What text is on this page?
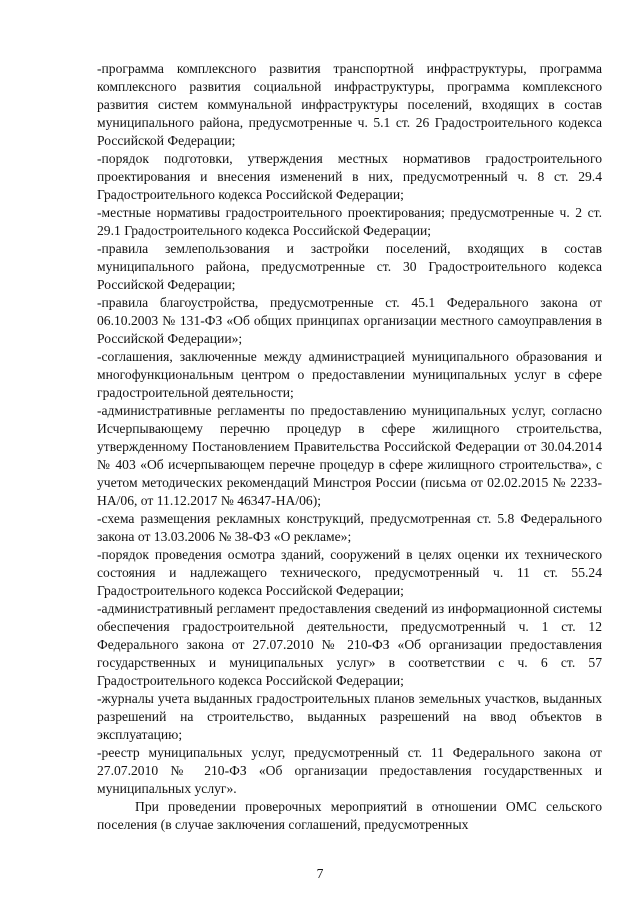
-программа комплексного развития транспортной инфраструктуры, программа комплексного развития социальной инфраструктуры, программа комплексного развития систем коммунальной инфраструктуры поселений, входящих в состав муниципального района, предусмотренные ч. 5.1 ст. 26 Градостроительного кодекса Российской Федерации;

-порядок подготовки, утверждения местных нормативов градостроительного проектирования и внесения изменений в них, предусмотренный ч. 8 ст. 29.4 Градостроительного кодекса Российской Федерации;

-местные нормативы градостроительного проектирования; предусмотренные ч. 2 ст. 29.1 Градостроительного кодекса Российской Федерации;

-правила землепользования и застройки поселений, входящих в состав муниципального района, предусмотренные ст. 30 Градостроительного кодекса Российской Федерации;

-правила благоустройства, предусмотренные ст. 45.1 Федерального закона от 06.10.2003 № 131-ФЗ «Об общих принципах организации местного самоуправления в Российской Федерации»;

-соглашения, заключенные между администрацией муниципального образования и многофункциональным центром о предоставлении муниципальных услуг в сфере градостроительной деятельности;

-административные регламенты по предоставлению муниципальных услуг, согласно Исчерпывающему перечню процедур в сфере жилищного строительства, утвержденному Постановлением Правительства Российской Федерации от 30.04.2014 № 403 «Об исчерпывающем перечне процедур в сфере жилищного строительства», с учетом методических рекомендаций Минстроя России (письма от 02.02.2015 № 2233-НА/06, от 11.12.2017 № 46347-НА/06);

-схема размещения рекламных конструкций, предусмотренная ст. 5.8 Федерального закона от 13.03.2006 № 38-ФЗ «О рекламе»;

-порядок проведения осмотра зданий, сооружений в целях оценки их технического состояния и надлежащего технического, предусмотренный ч. 11 ст. 55.24 Градостроительного кодекса Российской Федерации;

-административный регламент предоставления сведений из информационной системы обеспечения градостроительной деятельности, предусмотренный ч. 1 ст. 12 Федерального закона от 27.07.2010 № 210-ФЗ «Об организации предоставления государственных и муниципальных услуг» в соответствии с ч. 6 ст. 57 Градостроительного кодекса Российской Федерации;

-журналы учета выданных градостроительных планов земельных участков, выданных разрешений на строительство, выданных разрешений на ввод объектов в эксплуатацию;

-реестр муниципальных услуг, предусмотренный ст. 11 Федерального закона от 27.07.2010 № 210-ФЗ «Об организации предоставления государственных и муниципальных услуг».

При проведении проверочных мероприятий в отношении ОМС сельского поселения (в случае заключения соглашений, предусмотренных

7
